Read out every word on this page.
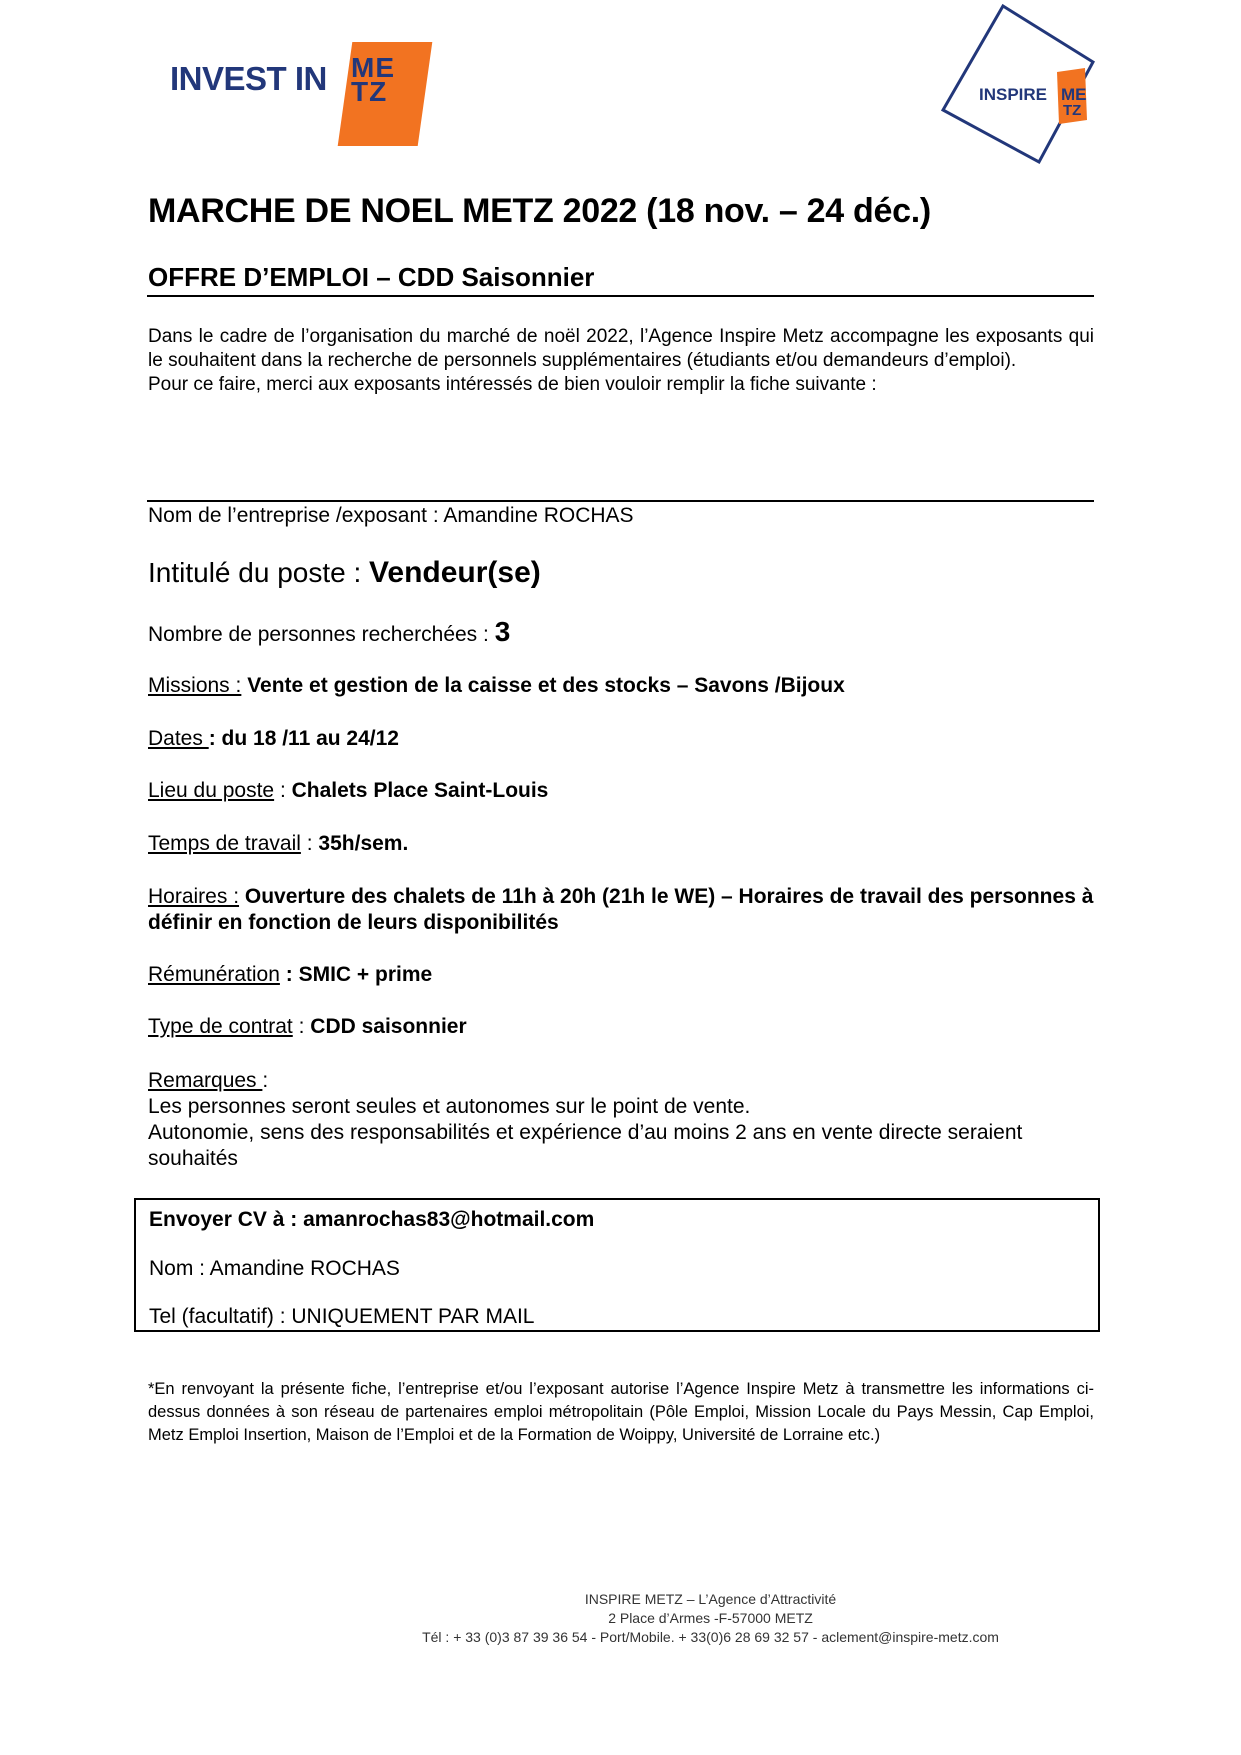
INVEST IN ME
TZ	INSPIRE ME
TZ
MARCHE DE NOEL METZ 2022 (18 nov. – 24 déc.)
OFFRE D’EMPLOI – CDD Saisonnier

Dans le cadre de l’organisation du marché de noël 2022, l’Agence Inspire Metz accompagne les exposants qui le souhaitent dans la recherche de personnels supplémentaires (étudiants et/ou demandeurs d’emploi).

Pour ce faire, merci aux exposants intéressés de bien vouloir remplir la fiche suivante :

Nom de l’entreprise /exposant : Amandine ROCHAS
Intitulé du poste : Vendeur(se)
Nombre de personnes recherchées : 3
Missions : Vente et gestion de la caisse et des stocks – Savons /Bijoux
Dates : du 18 /11 au 24/12
Lieu du poste : Chalets Place Saint-Louis
Temps de travail : 35h/sem.
Horaires : Ouverture des chalets de 11h à 20h (21h le WE) – Horaires de travail des personnes à définir en fonction de leurs disponibilités
Rémunération : SMIC + prime
Type de contrat : CDD saisonnier
Remarques :
Les personnes seront seules et autonomes sur le point de vente.
Autonomie, sens des responsabilités et expérience d’au moins 2 ans en vente directe seraient souhaités
Envoyer CV à : amanrochas83@hotmail.com
Nom : Amandine ROCHAS
Tel (facultatif) : UNIQUEMENT PAR MAIL
*En renvoyant la présente fiche, l’entreprise et/ou l’exposant autorise l’Agence Inspire Metz à transmettre les informations ci-dessus données à son réseau de partenaires emploi métropolitain (Pôle Emploi, Mission Locale du Pays Messin, Cap Emploi, Metz Emploi Insertion, Maison de l’Emploi et de la Formation de Woippy, Université de Lorraine etc.)
INSPIRE METZ – L’Agence d’Attractivité
2 Place d’Armes -F-57000 METZ
Tél : + 33 (0)3 87 39 36 54 - Port/Mobile. + 33(0)6 28 69 32 57 - aclement@inspire-metz.com
